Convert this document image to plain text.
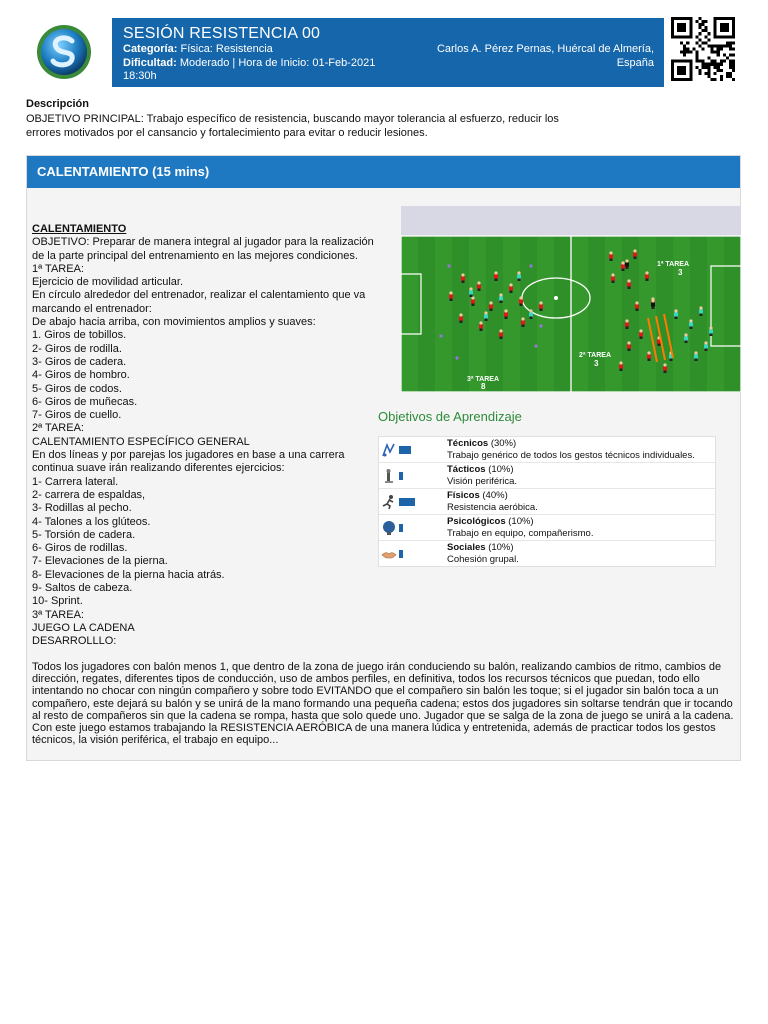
SESIÓN RESISTENCIA 00
Categoría: Física: Resistencia
Dificultad: Moderado | Hora de Inicio: 01-Feb-2021
18:30h
Carlos A. Pérez Pernas, Huércal de Almería,
España
Descripción
OBJETIVO PRINCIPAL: Trabajo específico de resistencia, buscando mayor tolerancia al esfuerzo, reducir los errores motivados por el cansancio y fortalecimiento para evitar o reducir lesiones.
CALENTAMIENTO (15 mins)
CALENTAMIENTO
OBJETIVO: Preparar de manera integral al jugador para la realización de la parte principal del entrenamiento en las mejores condiciones.
1ª TAREA:
Ejercicio de movilidad articular.
En círculo alrededor del entrenador, realizar el calentamiento que va marcando el entrenador:
De abajo hacia arriba, con movimientos amplios y suaves:
1. Giros de tobillos.
2- Giros de rodilla.
3- Giros de cadera.
4- Giros de hombro.
5- Giros de codos.
6- Giros de muñecas.
7- Giros de cuello.
2ª TAREA:
CALENTAMIENTO ESPECÍFICO GENERAL
En dos líneas y por parejas los jugadores en base a una carrera continua suave irán realizando diferentes ejercicios:
1- Carrera lateral.
2- carrera de espaldas,
3- Rodillas al pecho.
4- Talones a los glúteos.
5- Torsión de cadera.
6- Giros de rodillas.
7- Elevaciones de la pierna.
8- Elevaciones de la pierna hacia atrás.
9- Saltos de cabeza.
10- Sprint.
3ª TAREA:
JUEGO LA CADENA
DESARROLLLO:
1ª TAREA
3
2ª TAREA
3
3ª TAREA
8
Objetivos de Aprendizaje
Técnicos (30%)
Trabajo genérico de todos los gestos técnicos individuales.
Tácticos (10%)
Visión periférica.
Físicos (40%)
Resistencia aeróbica.
Psicológicos (10%)
Trabajo en equipo, compañerismo.
Sociales (10%)
Cohesión grupal.
Todos los jugadores con balón menos 1, que dentro de la zona de juego irán conduciendo su balón, realizando cambios de ritmo, cambios de dirección, regates, diferentes tipos de conducción, uso de ambos perfiles, en definitiva, todos los recursos técnicos que puedan, todo ello intentando no chocar con ningún compañero y sobre todo EVITANDO que el compañero sin balón les toque; si el jugador sin balón toca a un compañero, este dejará su balón y se unirá de la mano formando una pequeña cadena; estos dos jugadores sin soltarse tendrán que ir tocando al resto de compañeros sin que la cadena se rompa, hasta que solo quede uno. Jugador que se salga de la zona de juego se unirá a la cadena.
Con este juego estamos trabajando la RESISTENCIA AERÓBICA de una manera lúdica y entretenida, además de practicar todos los gestos técnicos, la visión periférica, el trabajo en equipo...
